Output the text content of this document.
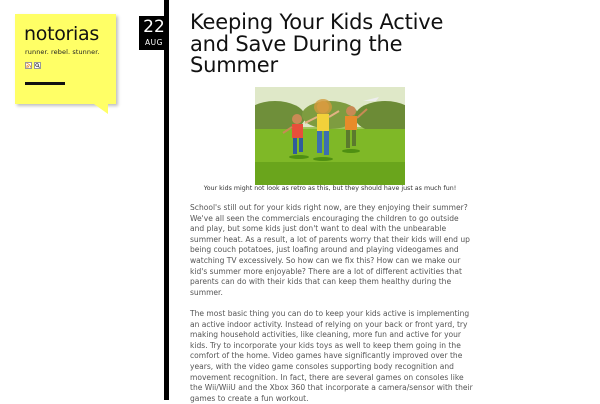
notorias

runner. rebel. stunner.

22
AUG
Keeping Your Kids Active and Save During the Summer

Your kids might not look as retro as this, but they should have just as much fun!

School's still out for your kids right now, are they enjoying their summer? We've all seen the commercials encouraging the children to go outside and play, but some kids just don't want to deal with the unbearable summer heat. As a result, a lot of parents worry that their kids will end up being couch potatoes, just loafing around and playing videogames and watching TV excessively. So how can we fix this? How can we make our kid's summer more enjoyable? There are a lot of different activities that parents can do with their kids that can keep them healthy during the summer.

The most basic thing you can do to keep your kids active is implementing an active indoor activity. Instead of relying on your back or front yard, try making household activities, like cleaning, more fun and active for your kids. Try to incorporate your kids toys as well to keep them going in the comfort of the home. Video games have significantly improved over the years, with the video game consoles supporting body recognition and movement recognition. In fact, there are several games on consoles like the Wii/WiiU and the Xbox 360 that incorporate a camera/sensor with their games to create a fun workout.
